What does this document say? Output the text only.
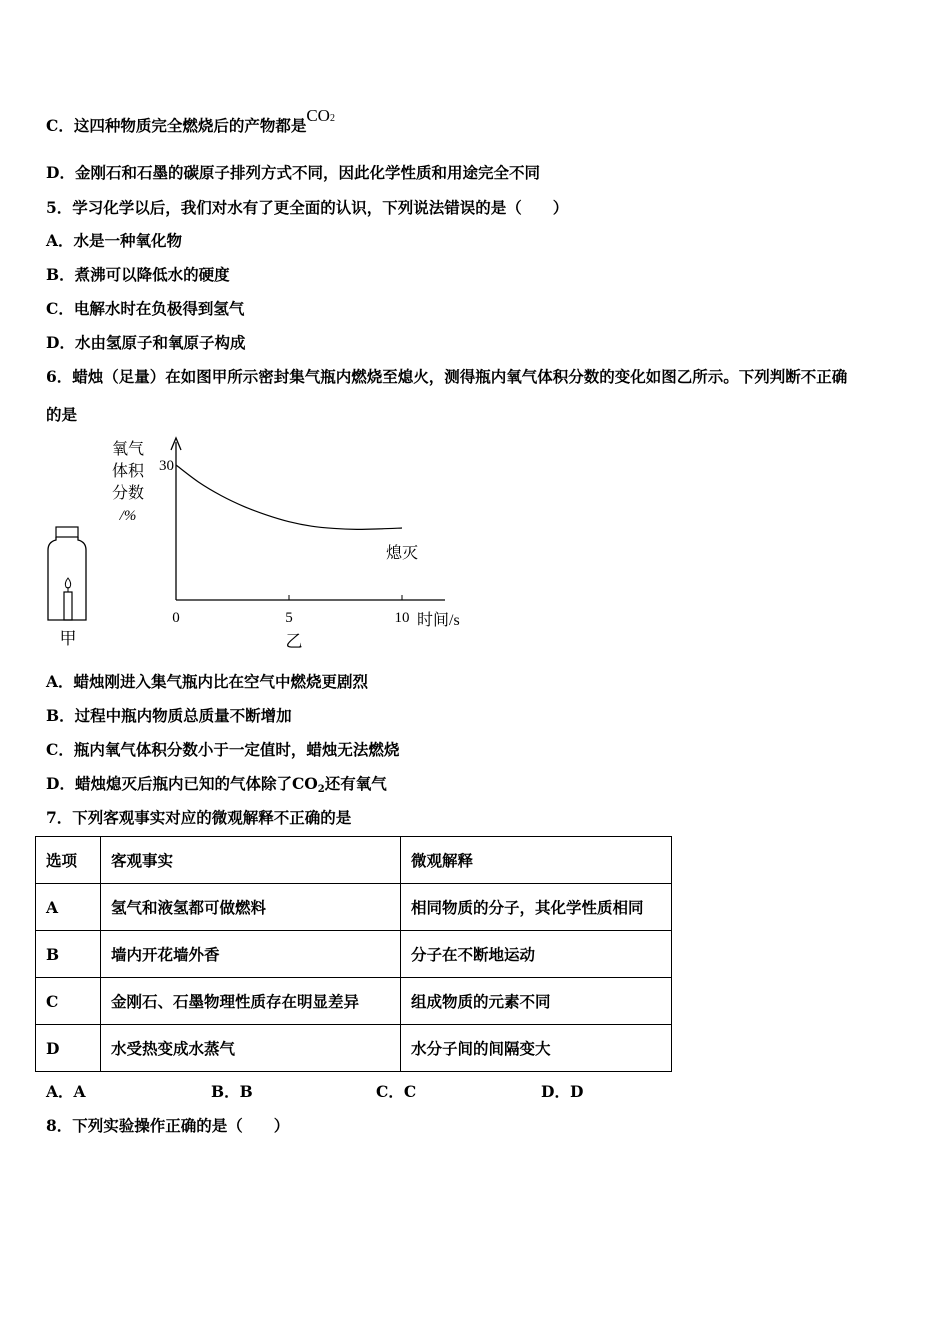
C．这四种物质完全燃烧后的产物都是CO2
D．金刚石和石墨的碳原子排列方式不同，因此化学性质和用途完全不同
5．学习化学以后，我们对水有了更全面的认识，下列说法错误的是（　　）
A．水是一种氧化物
B．煮沸可以降低水的硬度
C．电解水时在负极得到氢气
D．水由氢原子和氧原子构成
6．蜡烛（足量）在如图甲所示密封集气瓶内燃烧至熄火，测得瓶内氧气体积分数的变化如图乙所示。下列判断不正确
的是
甲
氧气
体积
分数
/%
0	5	10
30
熄灭
时间/s
乙
A．蜡烛刚进入集气瓶内比在空气中燃烧更剧烈
B．过程中瓶内物质总质量不断增加
C．瓶内氧气体积分数小于一定值时，蜡烛无法燃烧
D．蜡烛熄灭后瓶内已知的气体除了$CO_2$还有氧气
7．下列客观事实对应的微观解释不正确的是
选项	客观事实	微观解释
A	氢气和液氢都可做燃料	相同物质的分子，其化学性质相同
B	墙内开花墙外香	分子在不断地运动
C	金刚石、石墨物理性质存在明显差异	组成物质的元素不同
D	水受热变成水蒸气	水分子间的间隔变大
A．A	B．B	C．C	D．D
8．下列实验操作正确的是（　　）
